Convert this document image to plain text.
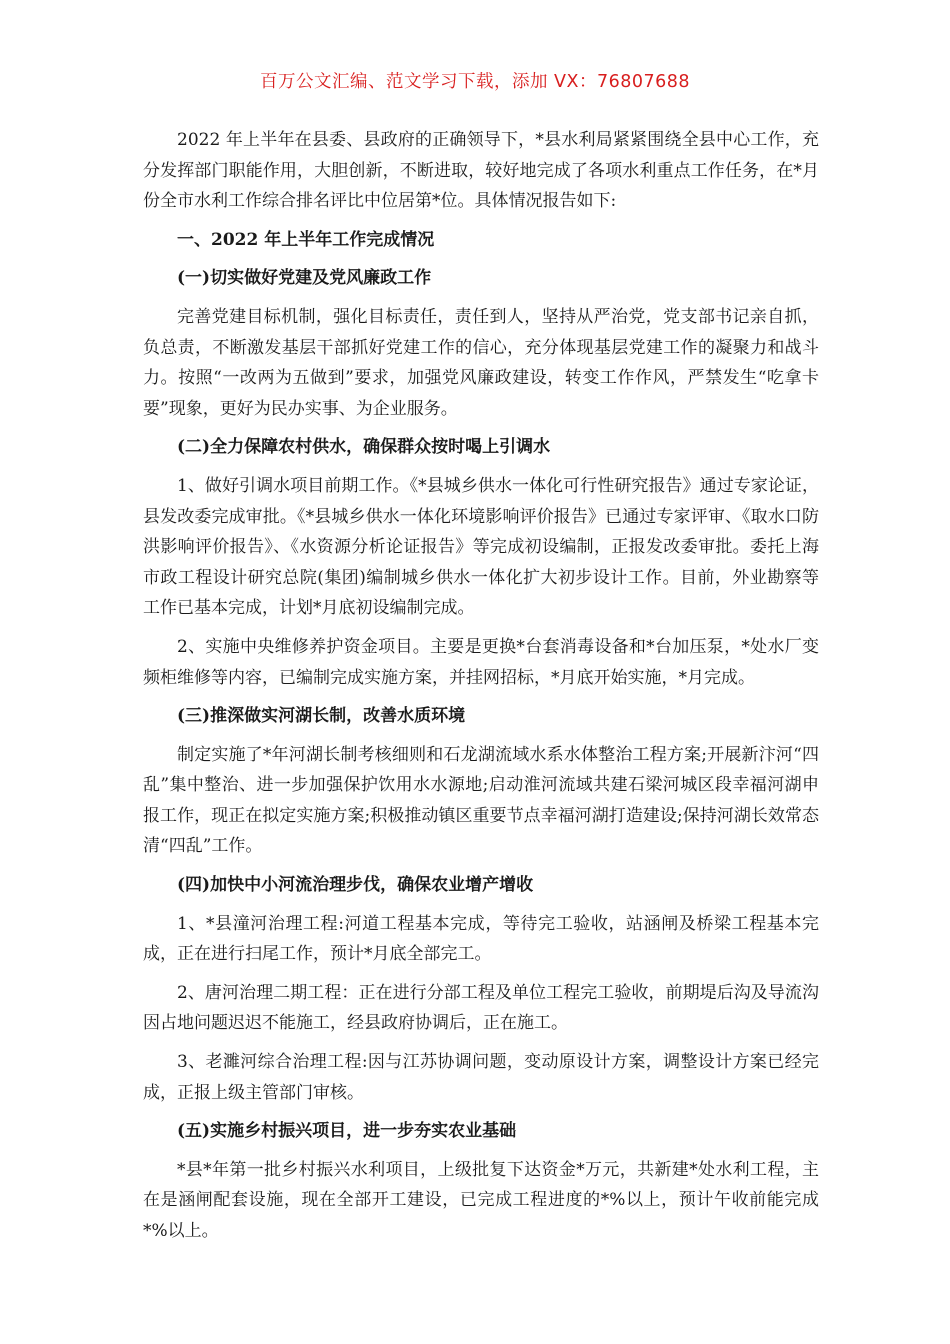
百万公文汇编、范文学习下载，添加 VX：76807688

2022 年上半年在县委、县政府的正确领导下，*县水利局紧紧围绕全县中心工作，充分发挥部门职能作用，大胆创新，不断进取，较好地完成了各项水利重点工作任务，在*月份全市水利工作综合排名评比中位居第*位。具体情况报告如下:

一、2022 年上半年工作完成情况
(一)切实做好党建及党风廉政工作

完善党建目标机制，强化目标责任，责任到人，坚持从严治党，党支部书记亲自抓，负总责，不断激发基层干部抓好党建工作的信心，充分体现基层党建工作的凝聚力和战斗力。按照“一改两为五做到”要求，加强党风廉政建设，转变工作作风，严禁发生“吃拿卡要”现象，更好为民办实事、为企业服务。

(二)全力保障农村供水，确保群众按时喝上引调水

1、做好引调水项目前期工作。《*县城乡供水一体化可行性研究报告》通过专家论证，县发改委完成审批。《*县城乡供水一体化环境影响评价报告》已通过专家评审、《取水口防洪影响评价报告》、《水资源分析论证报告》等完成初设编制，正报发改委审批。委托上海市政工程设计研究总院(集团)编制城乡供水一体化扩大初步设计工作。目前，外业勘察等工作已基本完成，计划*月底初设编制完成。

2、实施中央维修养护资金项目。主要是更换*台套消毒设备和*台加压泵，*处水厂变频柜维修等内容，已编制完成实施方案，并挂网招标，*月底开始实施，*月完成。

(三)推深做实河湖长制，改善水质环境

制定实施了*年河湖长制考核细则和石龙湖流域水系水体整治工程方案;开展新汴河“四乱”集中整治、进一步加强保护饮用水水源地;启动淮河流域共建石梁河城区段幸福河湖申报工作，现正在拟定实施方案;积极推动镇区重要节点幸福河湖打造建设;保持河湖长效常态清“四乱”工作。

(四)加快中小河流治理步伐，确保农业增产增收

1、*县潼河治理工程:河道工程基本完成，等待完工验收，站涵闸及桥梁工程基本完成，正在进行扫尾工作，预计*月底全部完工。

2、唐河治理二期工程：正在进行分部工程及单位工程完工验收，前期堤后沟及导流沟因占地问题迟迟不能施工，经县政府协调后，正在施工。

3、老濉河综合治理工程:因与江苏协调问题，变动原设计方案，调整设计方案已经完成，正报上级主管部门审核。

(五)实施乡村振兴项目，进一步夯实农业基础

*县*年第一批乡村振兴水利项目，上级批复下达资金*万元，共新建*处水利工程，主在是涵闸配套设施，现在全部开工建设，已完成工程进度的*%以上，预计午收前能完成*%以上。
